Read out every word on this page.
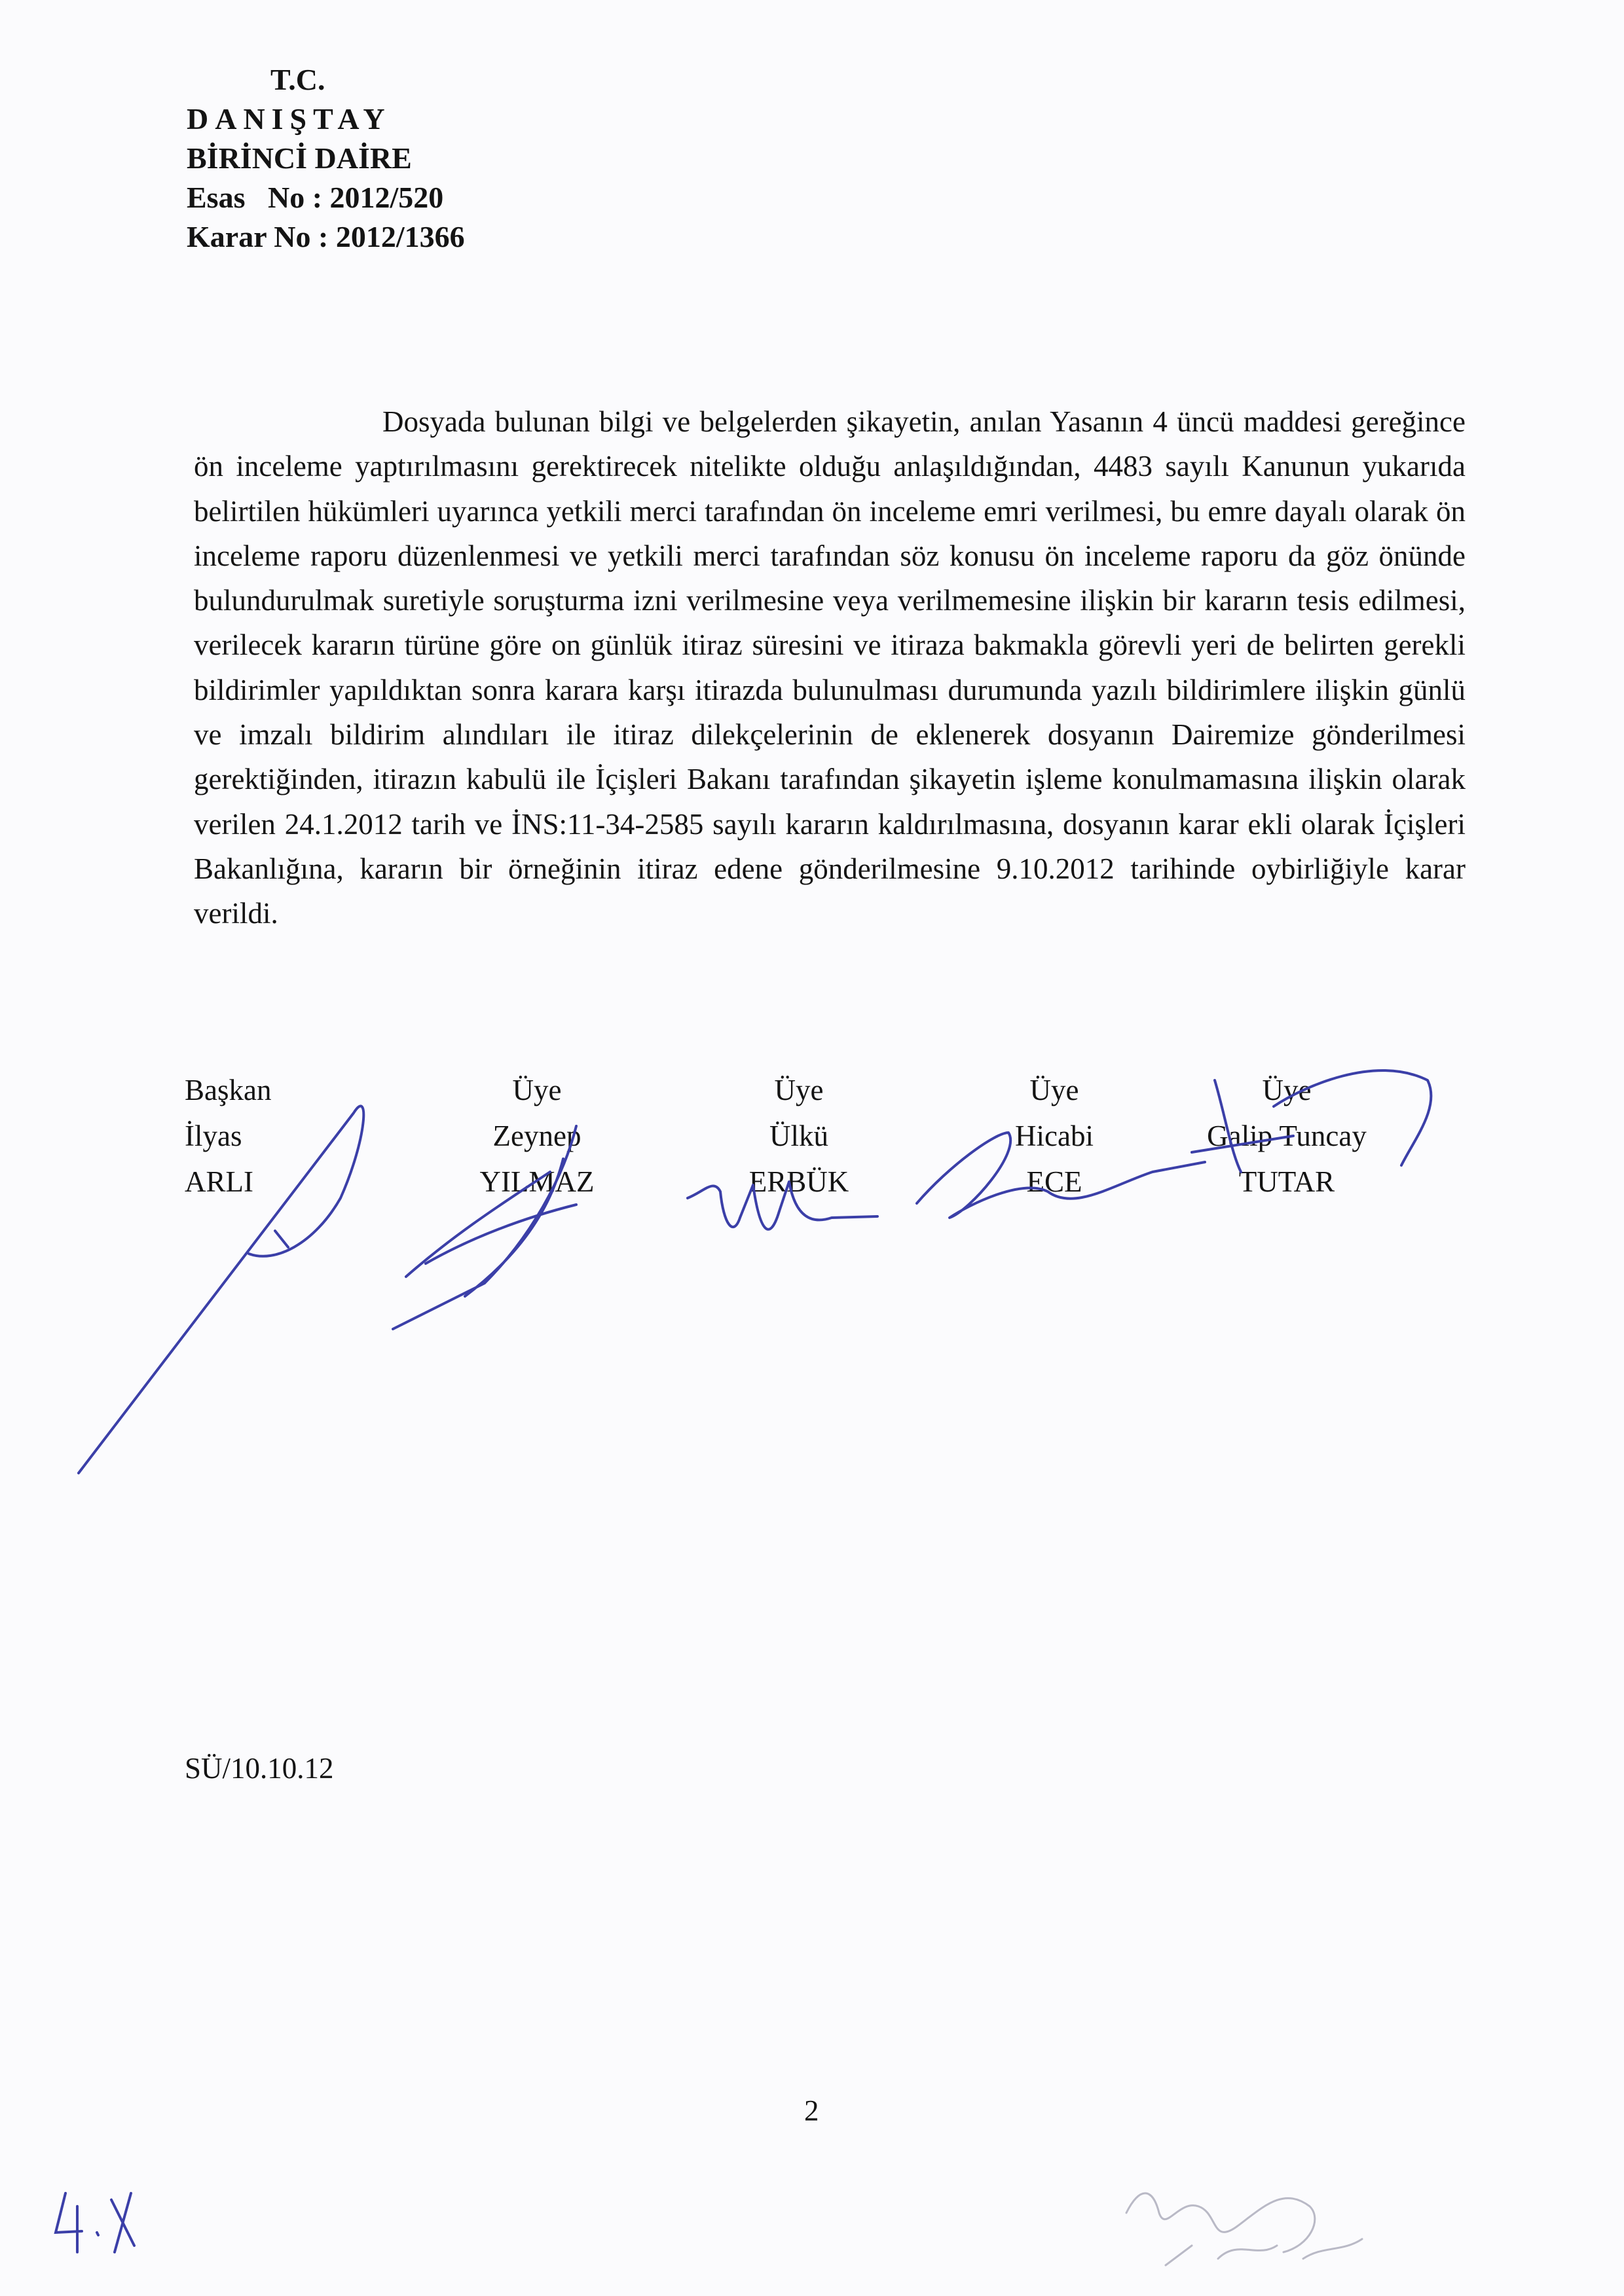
T.C.
DANIŞTAY
BİRİNCİ DAİRE
Esas   No : 2012/520
Karar No : 2012/1366

Dosyada bulunan bilgi ve belgelerden şikayetin, anılan Yasanın 4 üncü maddesi gereğince ön inceleme yaptırılmasını gerektirecek nitelikte olduğu anlaşıldığından, 4483 sayılı Kanunun yukarıda belirtilen hükümleri uyarınca yetkili merci tarafından ön inceleme emri verilmesi, bu emre dayalı olarak ön inceleme raporu düzenlenmesi ve yetkili merci tarafından söz konusu ön inceleme raporu da göz önünde bulundurulmak suretiyle soruşturma izni verilmesine veya verilmemesine ilişkin bir kararın tesis edilmesi, verilecek kararın türüne göre on günlük itiraz süresini ve itiraza bakmakla görevli yeri de belirten gerekli bildirimler yapıldıktan sonra karara karşı itirazda bulunulması durumunda yazılı bildirimlere ilişkin günlü ve imzalı bildirim alındıları ile itiraz dilekçelerinin de eklenerek dosyanın Dairemize gönderilmesi gerektiğinden, itirazın kabulü ile İçişleri Bakanı tarafından şikayetin işleme konulmamasına ilişkin olarak verilen 24.1.2012 tarih ve İNS:11-34-2585 sayılı kararın kaldırılmasına, dosyanın karar ekli olarak İçişleri Bakanlığına, kararın bir örneğinin itiraz edene gönderilmesine 9.10.2012 tarihinde oybirliğiyle karar verildi.

Başkan
İlyas
ARLI
Üye
Zeynep
YILMAZ
Üye
Ülkü
ERBÜK
Üye
Hicabi
ECE
Üye
Galip Tuncay
TUTAR
SÜ/10.10.12
2
